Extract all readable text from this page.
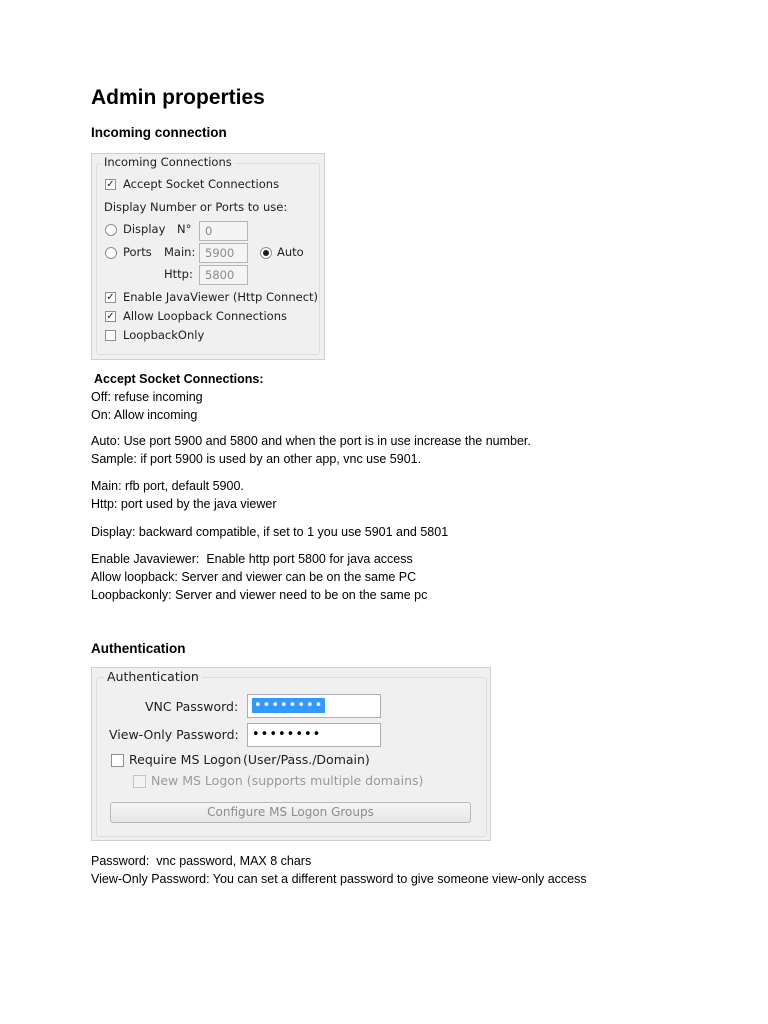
Admin properties
Incoming connection
Incoming Connections
✓ Accept Socket Connections
Display Number or Ports to use:
Display N°	0
Ports Main: 5900	Auto
Http:	5800
✓ Enable JavaViewer (Http Connect)
✓ Allow Loopback Connections
LoopbackOnly
Accept Socket Connections:
Off: refuse incoming
On: Allow incoming
Auto: Use port 5900 and 5800 and when the port is in use increase the number.
Sample: if port 5900 is used by an other app, vnc use 5901.
Main: rfb port, default 5900.
Http: port used by the java viewer
Display: backward compatible, if set to 1 you use 5901 and 5801
Enable Javaviewer:  Enable http port 5800 for java access
Allow loopback: Server and viewer can be on the same PC
Loopbackonly: Server and viewer need to be on the same pc
Authentication
Authentication
VNC Password:	••••••••
View-Only Password:	••••••••
Require MS Logon (User/Pass./Domain)
New MS Logon (supports multiple domains)
Configure MS Logon Groups
Password:  vnc password, MAX 8 chars
View-Only Password: You can set a different password to give someone view-only access
